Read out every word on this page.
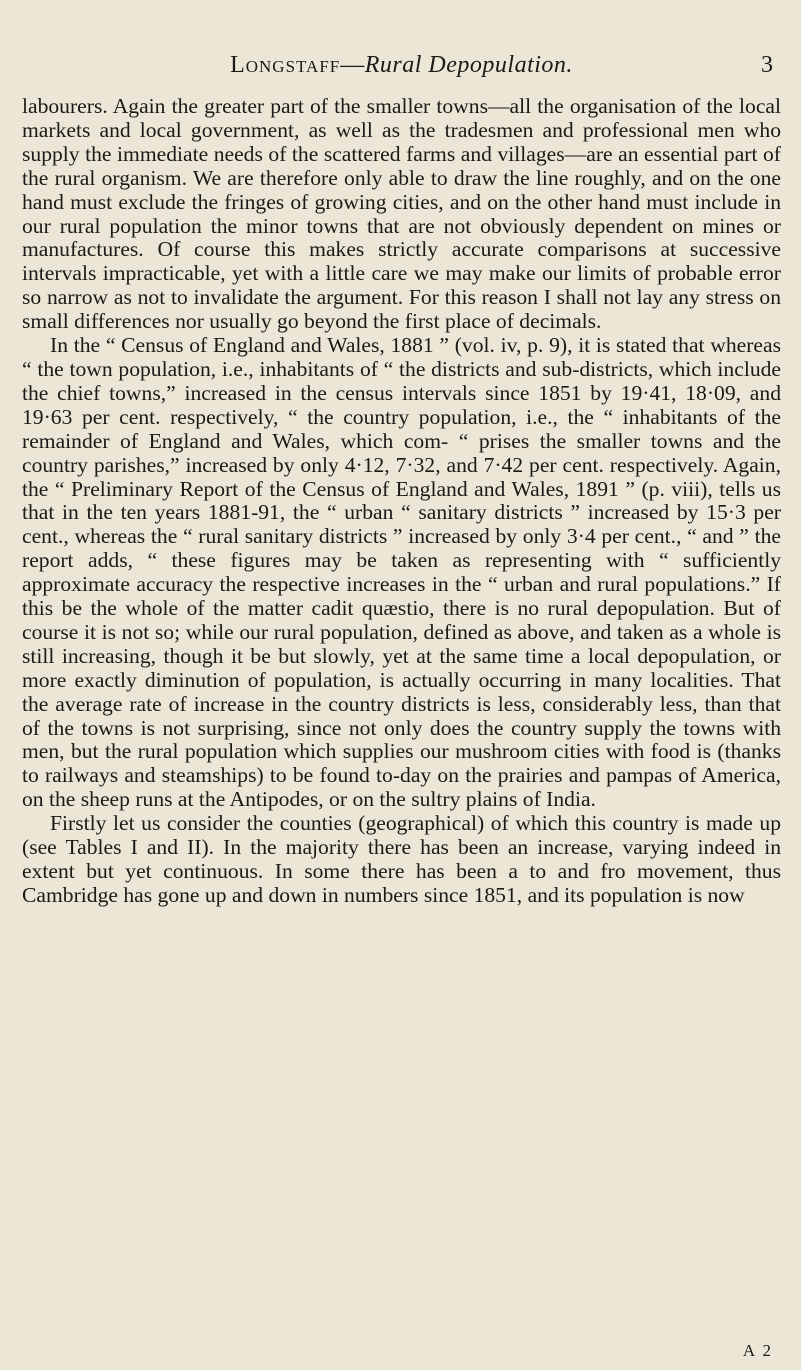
Longstaff—Rural Depopulation.	3

labourers. Again the greater part of the smaller towns—all the organisation of the local markets and local government, as well as the tradesmen and professional men who supply the immediate needs of the scattered farms and villages—are an essential part of the rural organism. We are therefore only able to draw the line roughly, and on the one hand must exclude the fringes of growing cities, and on the other hand must include in our rural population the minor towns that are not obviously dependent on mines or manufactures. Of course this makes strictly accurate comparisons at successive intervals impracticable, yet with a little care we may make our limits of probable error so narrow as not to invalidate the argument. For this reason I shall not lay any stress on small differences nor usually go beyond the first place of decimals.

In the “ Census of England and Wales, 1881 ” (vol. iv, p. 9), it is stated that whereas “ the town population, i.e., inhabitants of “ the districts and sub-districts, which include the chief towns,” increased in the census intervals since 1851 by 19·41, 18·09, and 19·63 per cent. respectively, “ the country population, i.e., the “ inhabitants of the remainder of England and Wales, which com- “ prises the smaller towns and the country parishes,” increased by only 4·12, 7·32, and 7·42 per cent. respectively. Again, the “ Preliminary Report of the Census of England and Wales, 1891 ” (p. viii), tells us that in the ten years 1881-91, the “ urban “ sanitary districts ” increased by 15·3 per cent., whereas the “ rural sanitary districts ” increased by only 3·4 per cent., “ and ” the report adds, “ these figures may be taken as representing with “ sufficiently approximate accuracy the respective increases in the “ urban and rural populations.” If this be the whole of the matter cadit quæstio, there is no rural depopulation. But of course it is not so; while our rural population, defined as above, and taken as a whole is still increasing, though it be but slowly, yet at the same time a local depopulation, or more exactly diminution of population, is actually occurring in many localities. That the average rate of increase in the country districts is less, considerably less, than that of the towns is not surprising, since not only does the country supply the towns with men, but the rural population which supplies our mushroom cities with food is (thanks to railways and steamships) to be found to-day on the prairies and pampas of America, on the sheep runs at the Antipodes, or on the sultry plains of India.

Firstly let us consider the counties (geographical) of which this country is made up (see Tables I and II). In the majority there has been an increase, varying indeed in extent but yet continuous. In some there has been a to and fro movement, thus Cambridge has gone up and down in numbers since 1851, and its population is now

A 2
